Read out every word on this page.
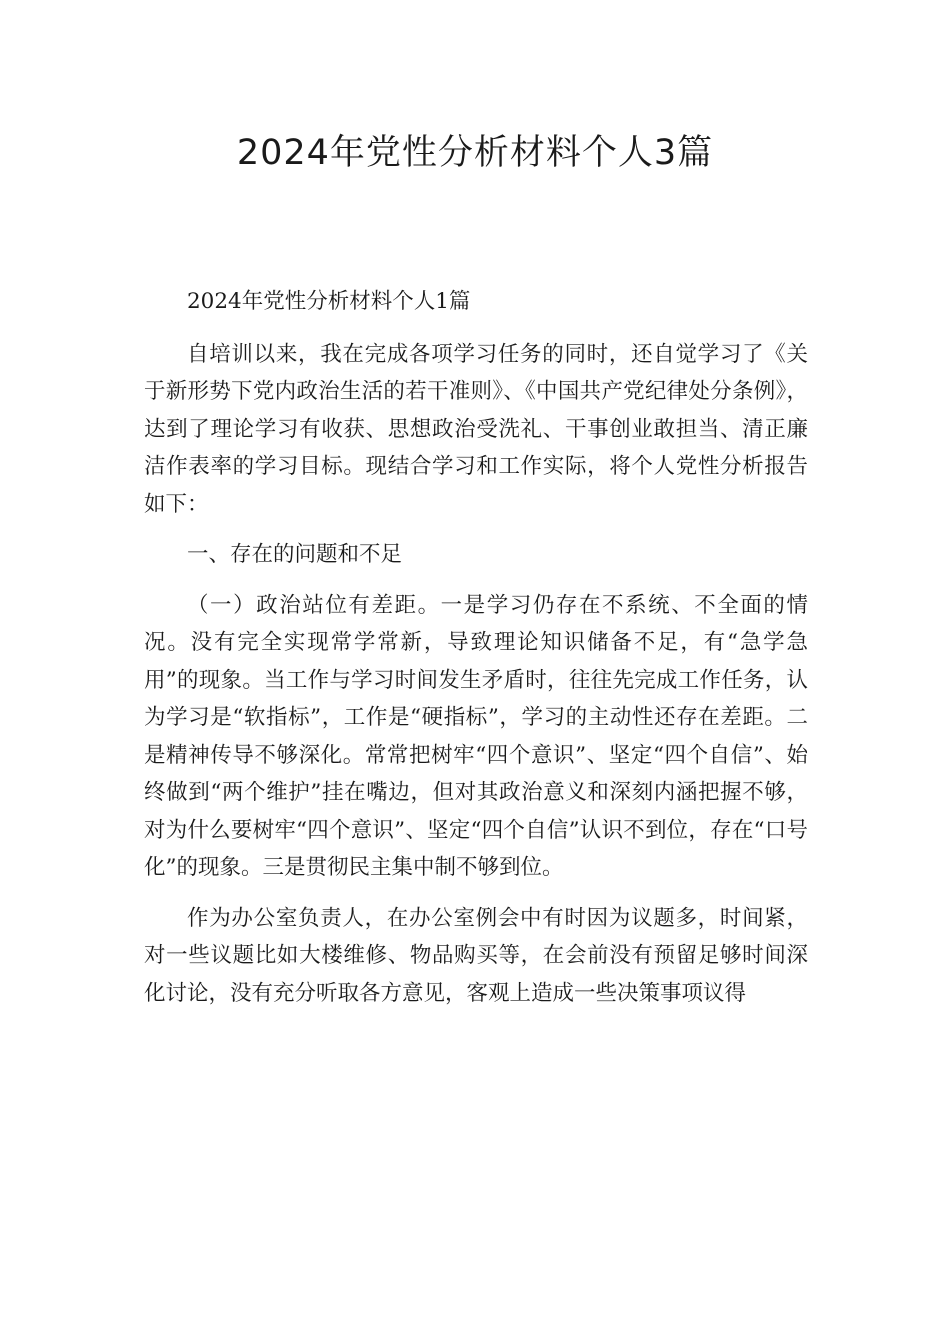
2024年党性分析材料个人3篇

2024年党性分析材料个人1篇

自培训以来，我在完成各项学习任务的同时，还自觉学习了《关于新形势下党内政治生活的若干准则》、《中国共产党纪律处分条例》，达到了理论学习有收获、思想政治受洗礼、干事创业敢担当、清正廉洁作表率的学习目标。现结合学习和工作实际，将个人党性分析报告如下：

一、存在的问题和不足

（一）政治站位有差距。一是学习仍存在不系统、不全面的情况。没有完全实现常学常新，导致理论知识储备不足，有“急学急用”的现象。当工作与学习时间发生矛盾时，往往先完成工作任务，认为学习是“软指标”，工作是“硬指标”，学习的主动性还存在差距。二是精神传导不够深化。常常把树牢“四个意识”、坚定“四个自信”、始终做到“两个维护”挂在嘴边，但对其政治意义和深刻内涵把握不够，对为什么要树牢“四个意识”、坚定“四个自信”认识不到位，存在“口号化”的现象。三是贯彻民主集中制不够到位。

作为办公室负责人，在办公室例会中有时因为议题多，时间紧，对一些议题比如大楼维修、物品购买等，在会前没有预留足够时间深化讨论，没有充分听取各方意见，客观上造成一些决策事项议得
